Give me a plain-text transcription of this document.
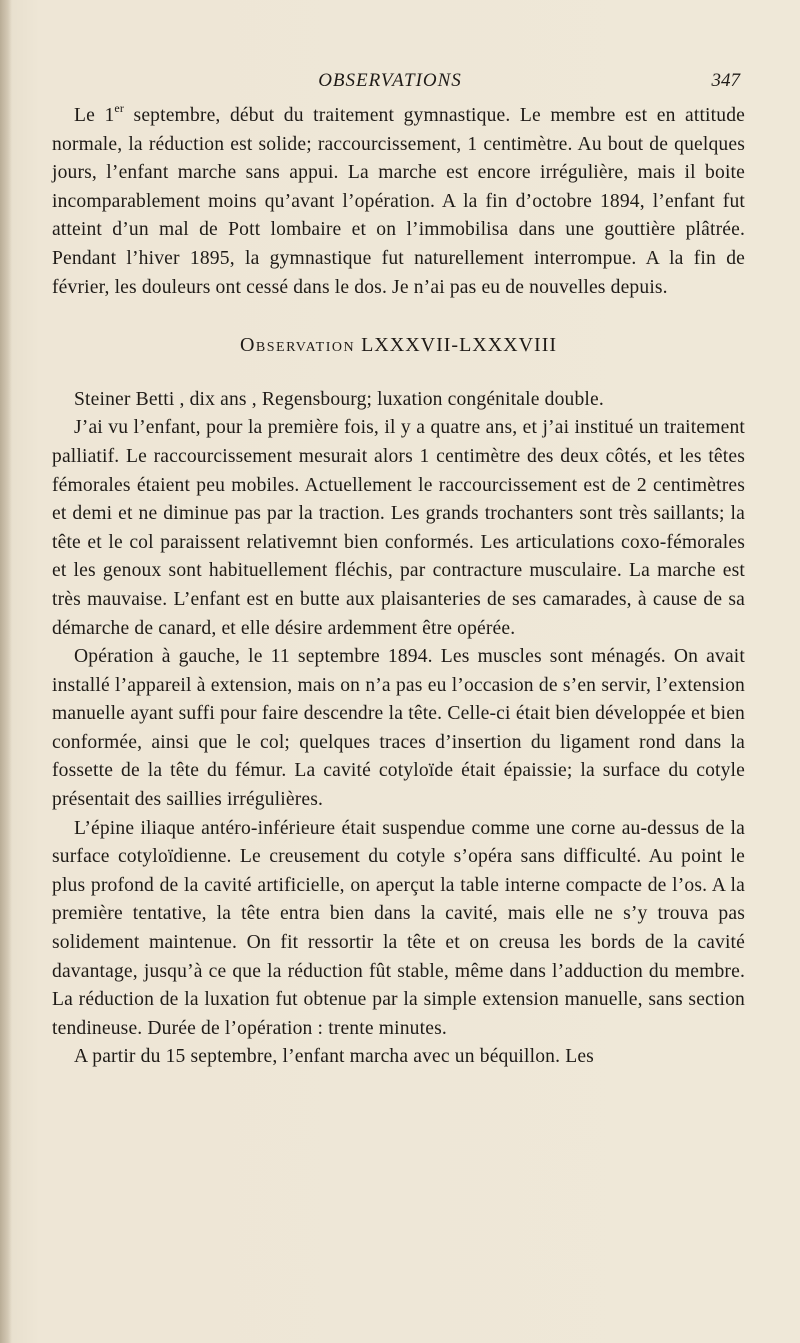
OBSERVATIONS	347

Le 1er septembre, début du traitement gymnastique. Le membre est en attitude normale, la réduction est solide; raccourcissement, 1 centimètre. Au bout de quelques jours, l’enfant marche sans appui. La marche est encore irrégulière, mais il boite incomparablement moins qu’avant l’opération. A la fin d’octobre 1894, l’enfant fut atteint d’un mal de Pott lombaire et on l’immobilisa dans une gouttière plâtrée. Pendant l’hiver 1895, la gymnastique fut naturellement interrompue. A la fin de février, les douleurs ont cessé dans le dos. Je n’ai pas eu de nouvelles depuis.

Observation LXXXVII-LXXXVIII

Steiner Betti , dix ans , Regensbourg; luxation congénitale double.

J’ai vu l’enfant, pour la première fois, il y a quatre ans, et j’ai institué un traitement palliatif. Le raccourcissement mesurait alors 1 centimètre des deux côtés, et les têtes fémorales étaient peu mobiles. Actuellement le raccourcissement est de 2 centimètres et demi et ne diminue pas par la traction. Les grands trochanters sont très saillants; la tête et le col paraissent relativemnt bien conformés. Les articulations coxo-fémorales et les genoux sont habituellement fléchis, par contracture musculaire. La marche est très mauvaise. L’enfant est en butte aux plaisanteries de ses camarades, à cause de sa démarche de canard, et elle désire ardemment être opérée.

Opération à gauche, le 11 septembre 1894. Les muscles sont ménagés. On avait installé l’appareil à extension, mais on n’a pas eu l’occasion de s’en servir, l’extension manuelle ayant suffi pour faire descendre la tête. Celle-ci était bien développée et bien conformée, ainsi que le col; quelques traces d’insertion du ligament rond dans la fossette de la tête du fémur. La cavité cotyloïde était épaissie; la surface du cotyle présentait des saillies irrégulières.

L’épine iliaque antéro-inférieure était suspendue comme une corne au-dessus de la surface cotyloïdienne. Le creusement du cotyle s’opéra sans difficulté. Au point le plus profond de la cavité artificielle, on aperçut la table interne compacte de l’os. A la première tentative, la tête entra bien dans la cavité, mais elle ne s’y trouva pas solidement maintenue. On fit ressortir la tête et on creusa les bords de la cavité davantage, jusqu’à ce que la réduction fût stable, même dans l’adduction du membre. La réduction de la luxation fut obtenue par la simple extension manuelle, sans section tendineuse. Durée de l’opération : trente minutes.

A partir du 15 septembre, l’enfant marcha avec un béquillon. Les
